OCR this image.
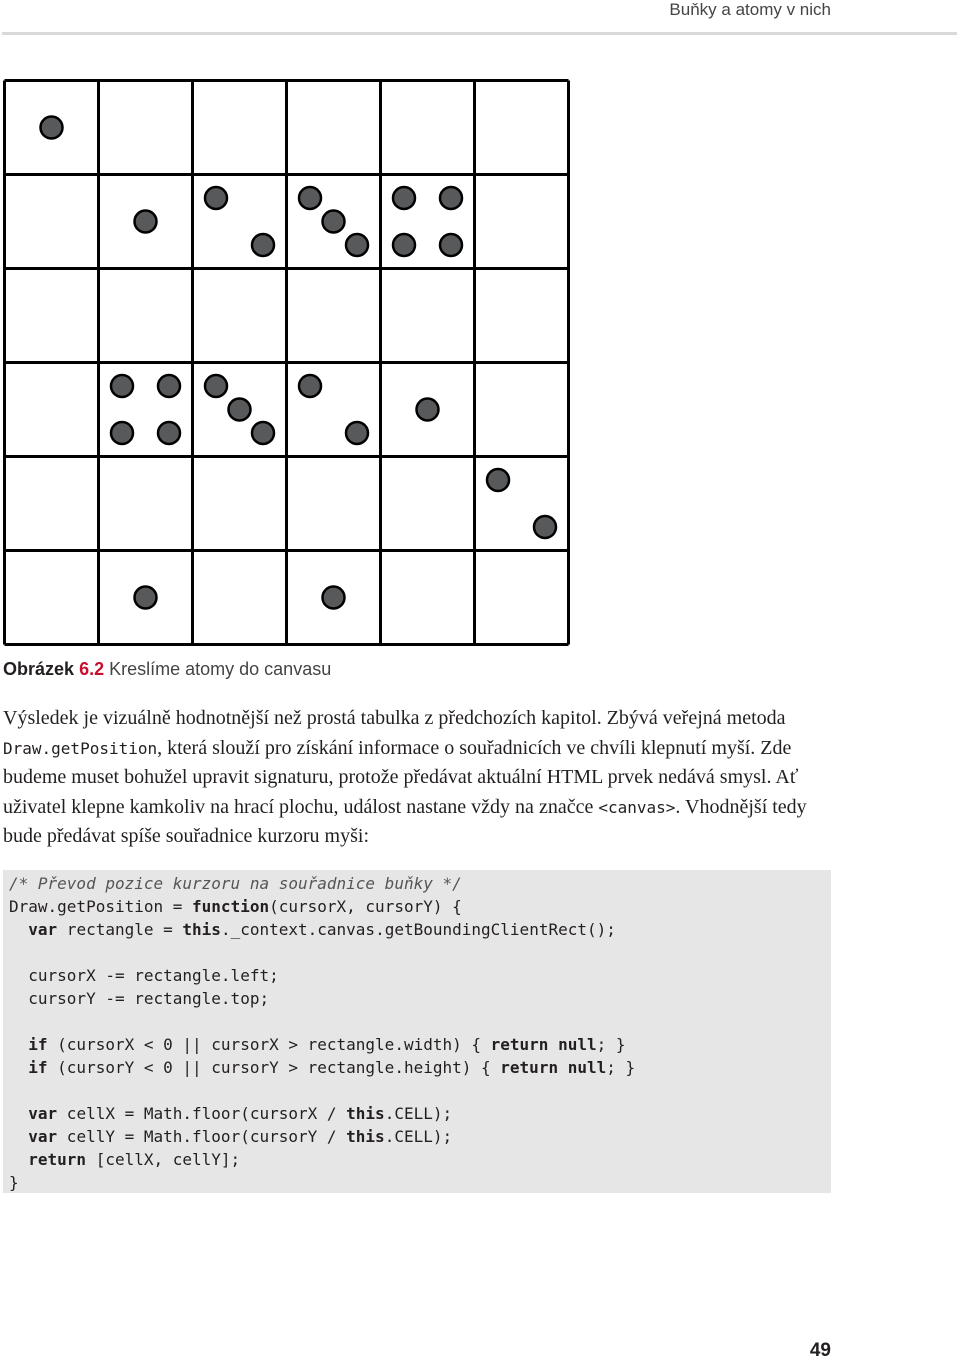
Buňky a atomy v nich
Obrázek 6.2 Kreslíme atomy do canvasu
Výsledek je vizuálně hodnotnější než prostá tabulka z předchozích kapitol. Zbývá veřejná metoda Draw.getPosition, která slouží pro získání informace o souřadnicích ve chvíli klepnutí myší. Zde budeme muset bohužel upravit signaturu, protože předávat aktuální HTML prvek nedává smysl. Ať uživatel klepne kamkoliv na hrací plochu, událost nastane vždy na značce <canvas>. Vhodnější tedy bude předávat spíše souřadnice kurzoru myši:
/* Převod pozice kurzoru na souřadnice buňky */
Draw.getPosition = function(cursorX, cursorY) {
var rectangle = this._context.canvas.getBoundingClientRect();
cursorX -= rectangle.left;
cursorY -= rectangle.top;
if (cursorX < 0 || cursorX > rectangle.width) { return null; }
if (cursorY < 0 || cursorY > rectangle.height) { return null; }
var cellX = Math.floor(cursorX / this.CELL);
var cellY = Math.floor(cursorY / this.CELL);
return [cellX, cellY];
}
49
